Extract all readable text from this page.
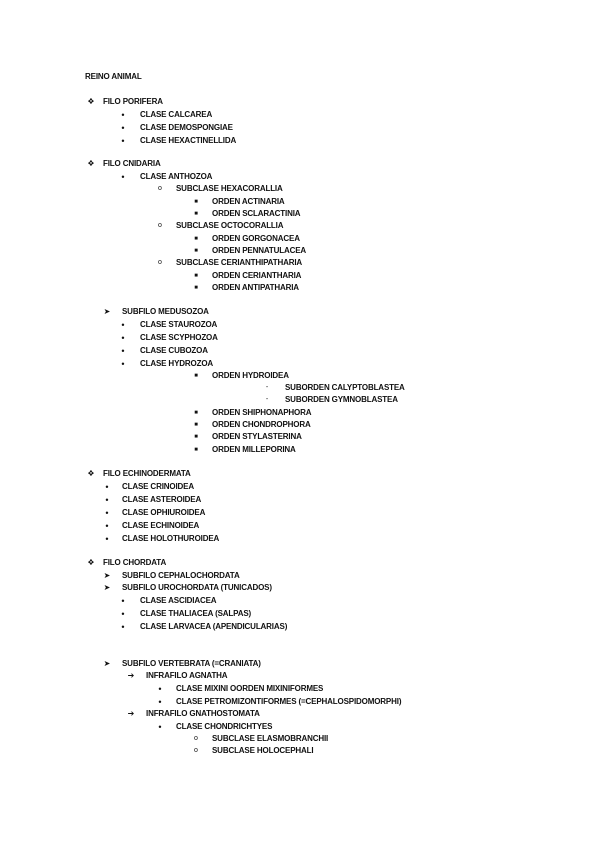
REINO ANIMAL
❖ FILO PORIFERA
•	CLASE CALCAREA
•	CLASE DEMOSPONGIAE
•	CLASE HEXACTINELLIDA
❖ FILO CNIDARIA
•	CLASE ANTHOZOA
o	SUBCLASE HEXACORALLIA
■	ORDEN ACTINARIA
■	ORDEN SCLARACTINIA
o	SUBCLASE OCTOCORALLIA
■	ORDEN GORGONACEA
■	ORDEN PENNATULACEA
o	SUBCLASE CERIANTHIPATHARIA
■	ORDEN CERIANTHARIA
■	ORDEN ANTIPATHARIA
➤ SUBFILO MEDUSOZOA
•	CLASE STAUROZOA
•	CLASE SCYPHOZOA
•	CLASE CUBOZOA
•	CLASE HYDROZOA
■	ORDEN HYDROIDEA
-	SUBORDEN CALYPTOBLASTEA
-	SUBORDEN GYMNOBLASTEA
■	ORDEN SHIPHONAPHORA
■	ORDEN CHONDROPHORA
■	ORDEN STYLASTERINA
■	ORDEN MILLEPORINA
❖ FILO ECHINODERMATA
•	CLASE CRINOIDEA
•	CLASE ASTEROIDEA
•	CLASE OPHIUROIDEA
•	CLASE ECHINOIDEA
•	CLASE HOLOTHUROIDEA
❖ FILO CHORDATA
➤ SUBFILO CEPHALOCHORDATA
➤ SUBFILO UROCHORDATA (TUNICADOS)
•	CLASE ASCIDIACEA
•	CLASE THALIACEA (SALPAS)
•	CLASE LARVACEA (APENDICULARIAS)
➤ SUBFILO VERTEBRATA (=CRANIATA)
➔ INFRAFILO AGNATHA
•	CLASE MIXINI OORDEN MIXINIFORMES
•	CLASE PETROMIZONTIFORMES (=CEPHALOSPIDOMORPHI)
➔ INFRAFILO GNATHOSTOMATA
•	CLASE CHONDRICHTYES
o	SUBCLASE ELASMOBRANCHII
o	SUBCLASE HOLOCEPHALI
